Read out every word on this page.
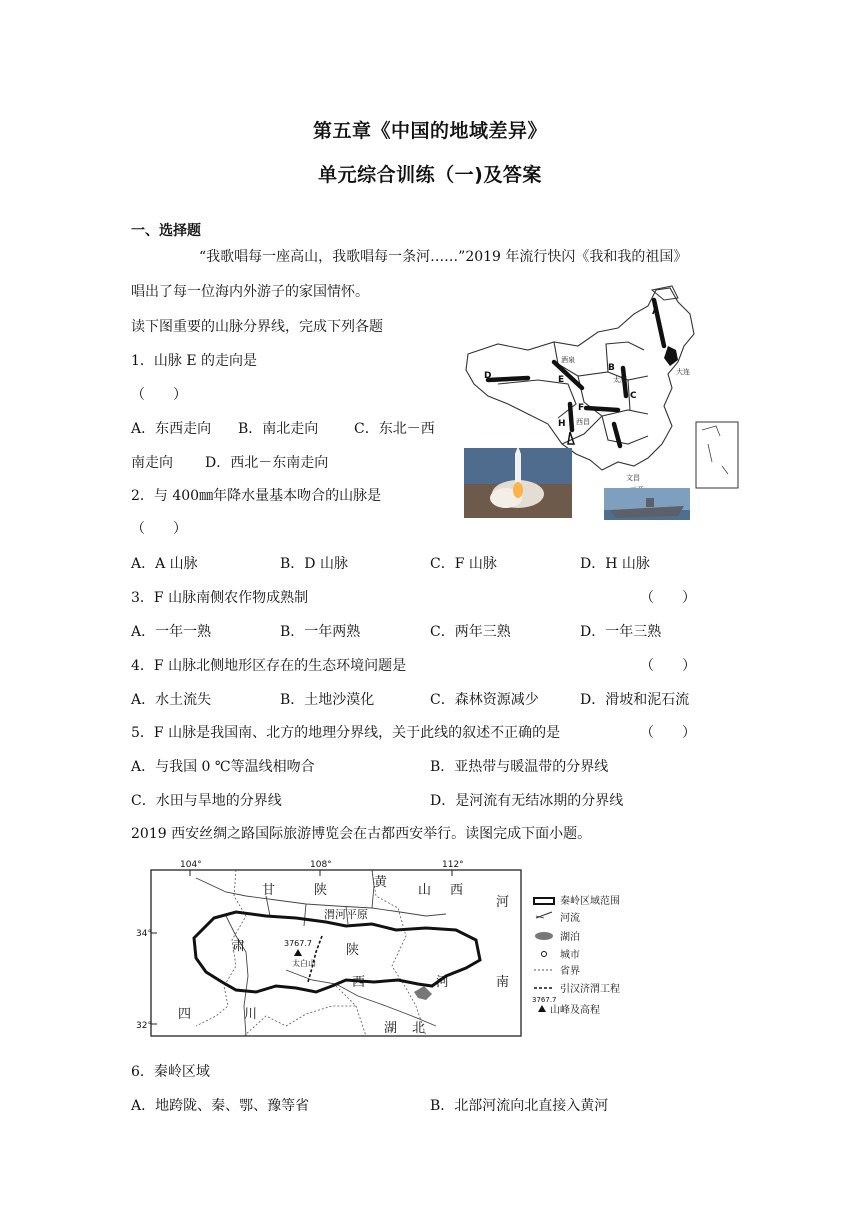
第五章《中国的地域差异》
单元综合训练（一)及答案
一、选择题
“我歌唱每一座高山，我歌唱每一条河……”2019 年流行快闪《我和我的祖国》
唱出了每一位海内外游子的家国情怀。
读下图重要的山脉分界线，完成下列各题
1．山脉 E 的走向是
（　　）
A．东西走向 B．南北走向	C．东北－西
南走向 D．西北－东南走向
2．与 400㎜年降水量基本吻合的山脉是
（　　）
A．A 山脉	B．D 山脉	C．F 山脉	D．H 山脉
3．F 山脉南侧农作物成熟制	（　　）
A．一年一熟	B．一年两熟	C．两年三熟	D．一年三熟
4．F 山脉北侧地形区存在的生态环境问题是	（　　）
A．水土流失	B．土地沙漠化	C．森林资源减少	D．滑坡和泥石流
5．F 山脉是我国南、北方的地理分界线，关于此线的叙述不正确的是	（　　）
A．与我国 0 ℃等温线相吻合	B．亚热带与暖温带的分界线
C．水田与旱地的分界线	D．是河流有无结冰期的分界线
2019 西安丝绸之路国际旅游博览会在古都西安举行。读图完成下面小题。
A
B
C
D	E
F
H
酒泉
太原
大连
西昌
文昌
104°	108°	112°
34°
32°
3767.7
太白山
甘	陕	山 西
黄
河
肃
渭河平原
陕
西	河	南
四	川
湖 北
秦岭区域范围
河流
湖泊
城市
省界
引汉济渭工程
山峰及高程
3767.7
6．秦岭区域
A．地跨陇、秦、鄂、豫等省	B．北部河流向北直接入黄河
